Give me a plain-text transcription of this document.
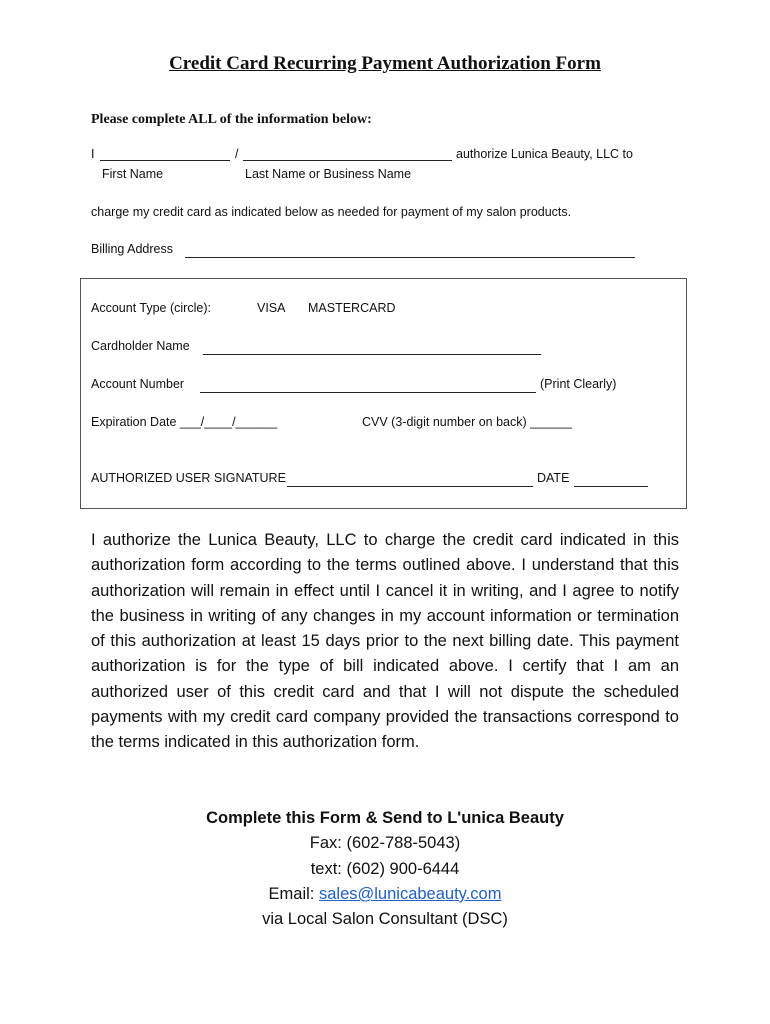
Credit Card Recurring Payment Authorization Form
Please complete ALL of the information below:
I	/	authorize Lunica Beauty, LLC to
First Name	Last Name or Business Name
charge my credit card as indicated below as needed for payment of my salon products.
Billing Address
Account Type (circle):	VISA MASTERCARD
Cardholder Name
Account Number	(Print Clearly)
Expiration Date ___/____/______	CVV (3-digit number on back) ______
AUTHORIZED USER SIGNATURE	DATE
I authorize the Lunica Beauty, LLC to charge the credit card indicated in this authorization form according to the terms outlined above. I understand that this authorization will remain in effect until I cancel it in writing, and I agree to notify the business in writing of any changes in my account information or termination of this authorization at least 15 days prior to the next billing date. This payment authorization is for the type of bill indicated above. I certify that I am an authorized user of this credit card and that I will not dispute the scheduled payments with my credit card company provided the transactions correspond to the terms indicated in this authorization form.
Complete this Form & Send to L'unica Beauty
Fax: (602-788-5043)
text: (602) 900-6444
Email: sales@lunicabeauty.com
via Local Salon Consultant (DSC)
